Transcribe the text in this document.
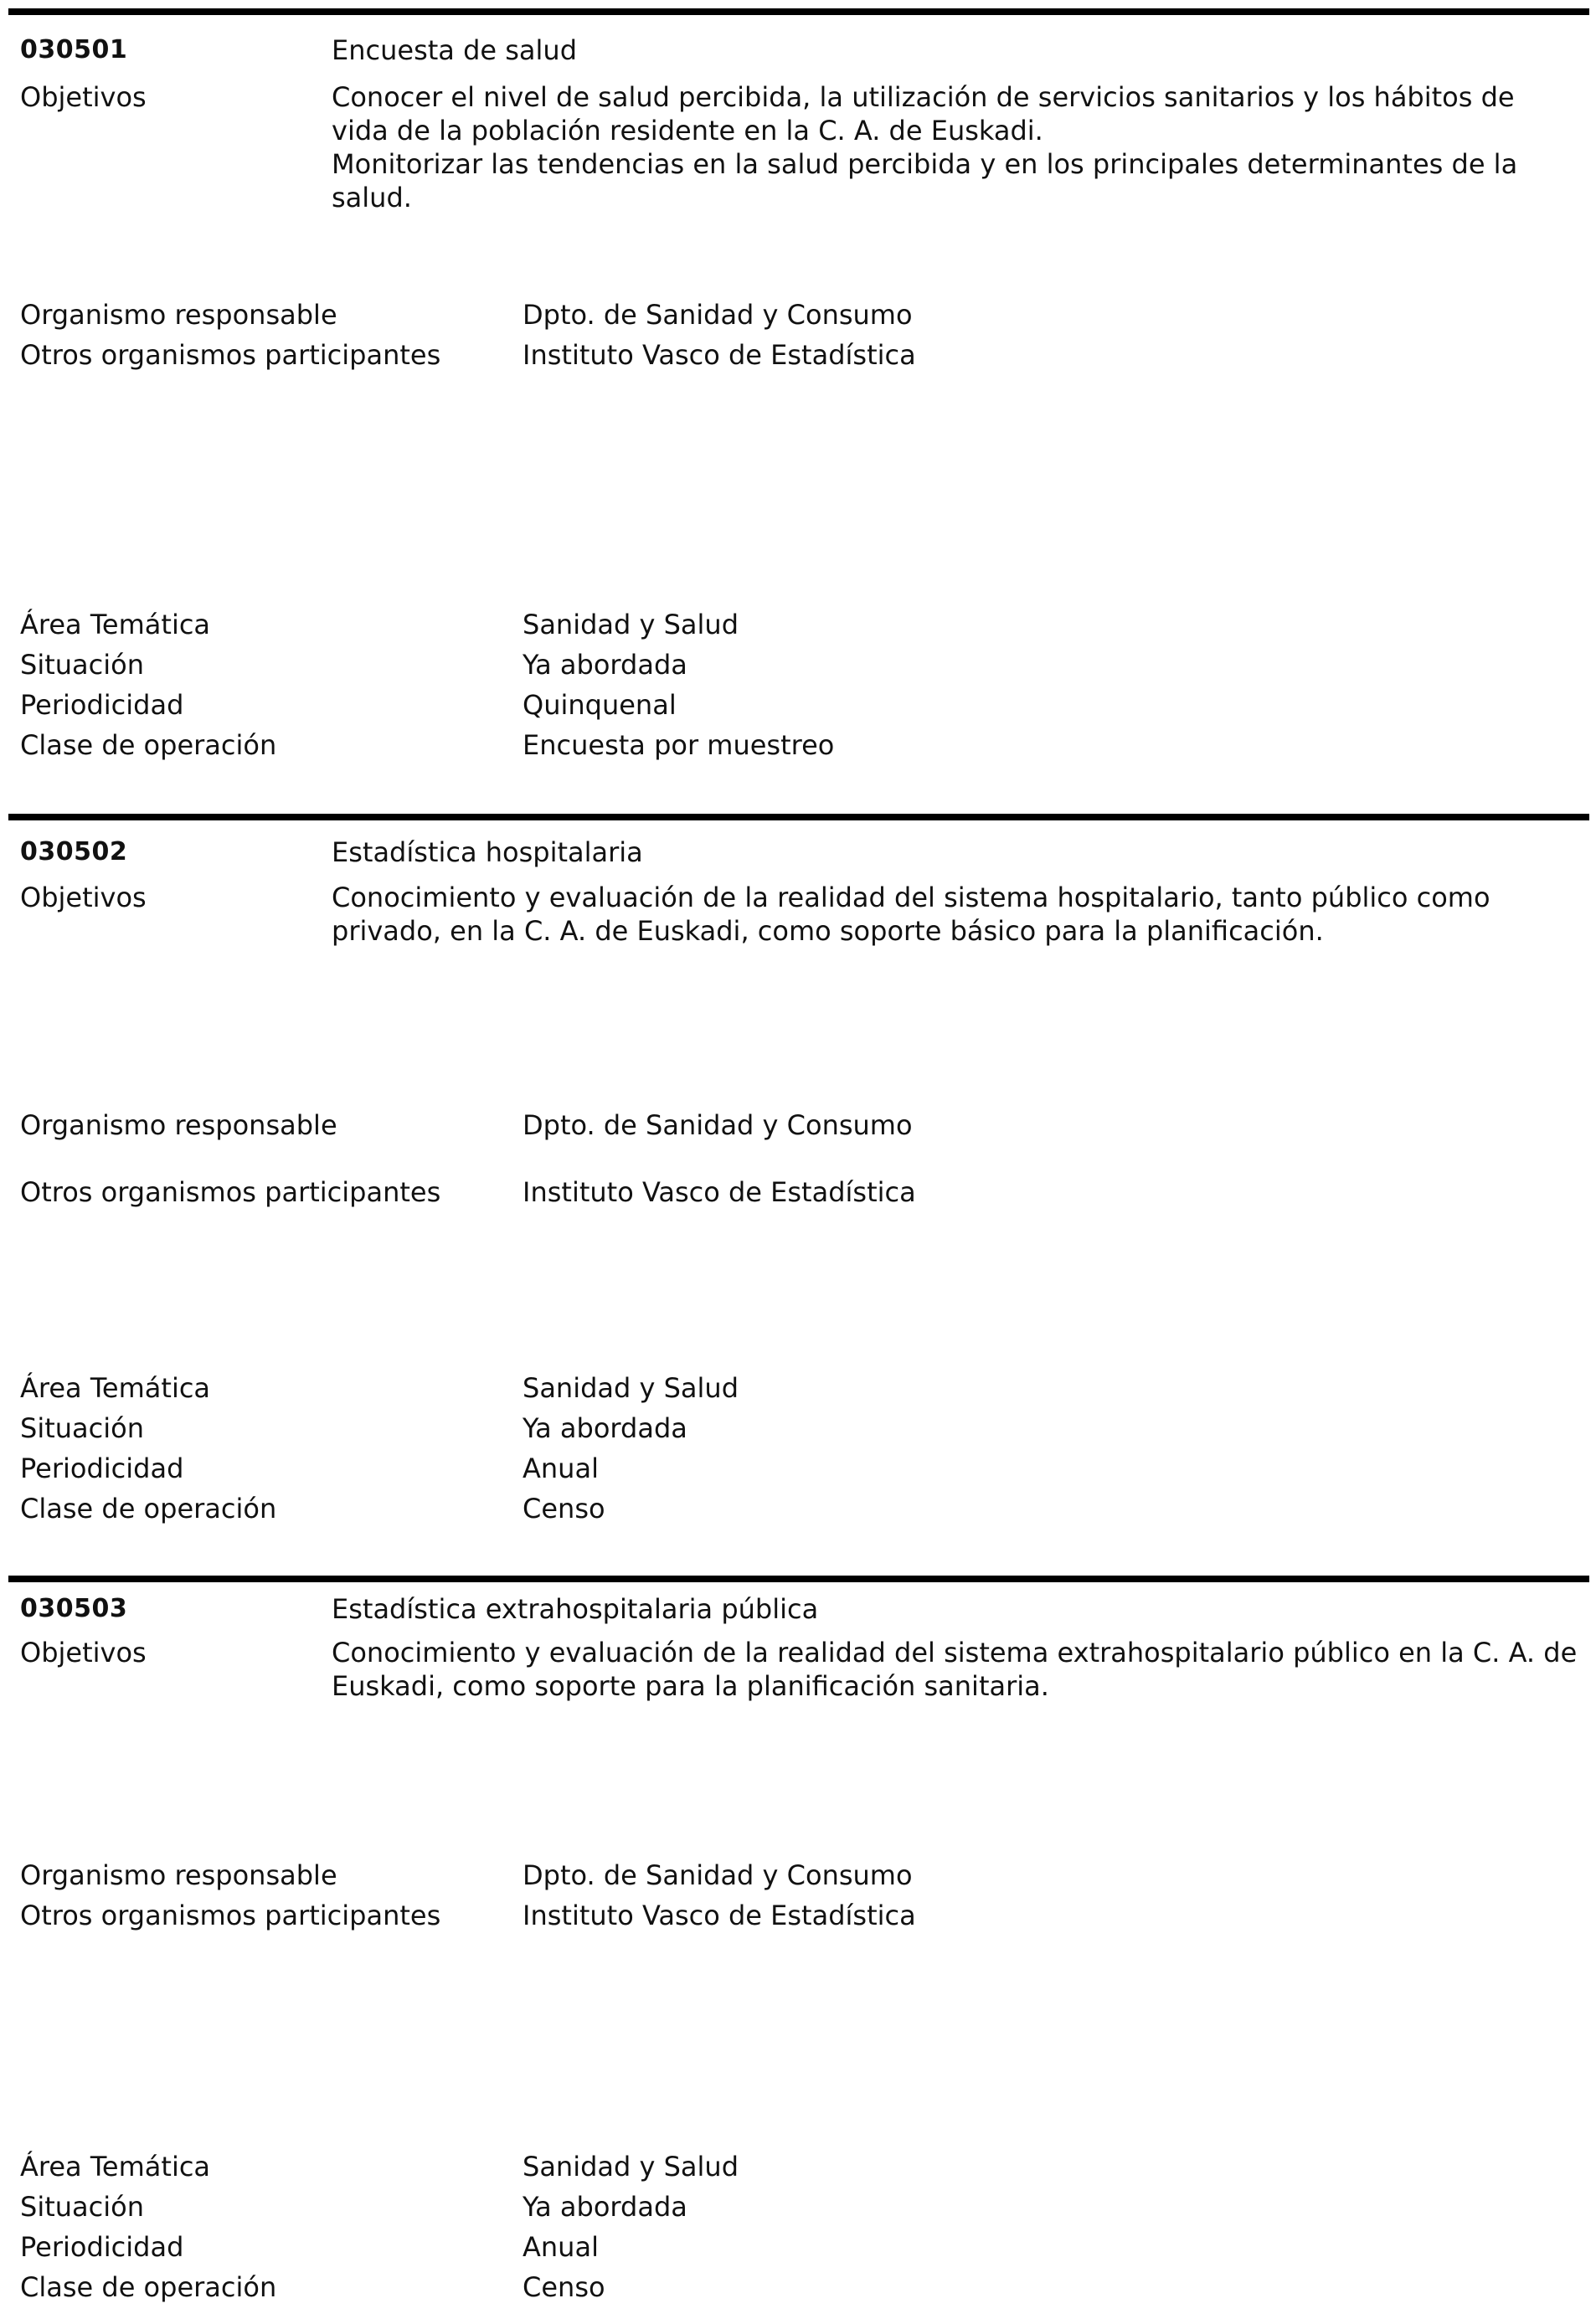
030501	Encuesta de salud
Objetivos	Conocer el nivel de salud percibida, la utilización de servicios sanitarios y los hábitos de vida de la población residente en la C. A. de Euskadi.

Monitorizar las tendencias en la salud percibida y en los principales determinantes de la salud.

Organismo responsable	Dpto. de Sanidad y Consumo
Otros organismos participantes	Instituto Vasco de Estadística
Área Temática	Sanidad y Salud
Situación	Ya abordada
Periodicidad	Quinquenal
Clase de operación	Encuesta por muestreo
030502	Estadística hospitalaria
Objetivos	Conocimiento y evaluación de la realidad del sistema hospitalario, tanto público como privado, en la C. A. de Euskadi, como soporte básico para la planificación.

Organismo responsable	Dpto. de Sanidad y Consumo
Otros organismos participantes	Instituto Vasco de Estadística
Área Temática	Sanidad y Salud
Situación	Ya abordada
Periodicidad	Anual
Clase de operación	Censo
030503	Estadística extrahospitalaria pública
Objetivos	Conocimiento y evaluación de la realidad del sistema extrahospitalario público en la C. A. de Euskadi, como soporte para la planificación sanitaria.

Organismo responsable	Dpto. de Sanidad y Consumo
Otros organismos participantes	Instituto Vasco de Estadística
Área Temática	Sanidad y Salud
Situación	Ya abordada
Periodicidad	Anual
Clase de operación	Censo
